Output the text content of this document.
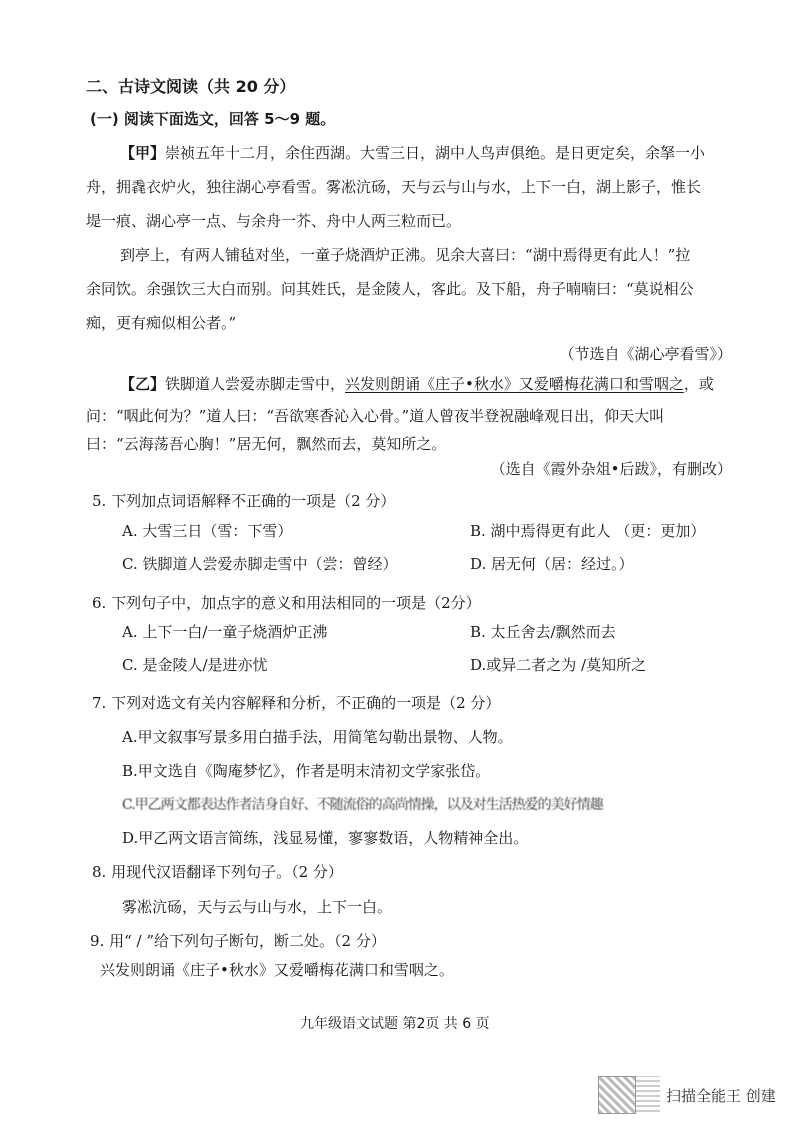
二、古诗文阅读（共 20 分）
(一) 阅读下面选文，回答 5～9 题。
【甲】崇祯五年十二月，余住西湖。大雪三日，湖中人鸟声俱绝。是日更定矣，余拏一小
舟，拥毳衣炉火，独往湖心亭看雪。雾凇沆砀，天与云与山与水，上下一白，湖上影子，惟长
堤一痕、湖心亭一点、与余舟一芥、舟中人两三粒而已。
到亭上，有两人铺毡对坐，一童子烧酒炉正沸。见余大喜曰：“湖中焉得更有此人！”拉
余同饮。余强饮三大白而别。问其姓氏，是金陵人，客此。及下船，舟子喃喃曰：“莫说相公
痴，更有痴似相公者。”
（节选自《湖心亭看雪》）
【乙】铁脚道人尝爱赤脚走雪中，兴发则朗诵《庄子•秋水》又爱嚼梅花满口和雪咽之，或
问：“咽此何为？”道人曰：“吾欲寒香沁入心骨。”道人曾夜半登祝融峰观日出，仰天大叫
曰：“云海荡吾心胸！”居无何，飘然而去，莫知所之。
（选自《霞外杂俎•后跋》，有删改）
5. 下列加点词语解释不正确的一项是（2 分）
A. 大雪三日（雪：下雪）	B. 湖中焉得更有此人 （更：更加）
C. 铁脚道人尝爱赤脚走雪中（尝：曾经）	D. 居无何（居：经过。）
6. 下列句子中，加点字的意义和用法相同的一项是（2分）
A. 上下一白/一童子烧酒炉正沸	B. 太丘舍去/飘然而去
C. 是金陵人/是进亦忧	D.或异二者之为 /莫知所之
7. 下列对选文有关内容解释和分析，不正确的一项是（2 分）
A.甲文叙事写景多用白描手法，用简笔勾勒出景物、人物。
B.甲文选自《陶庵梦忆》，作者是明末清初文学家张岱。
C.甲乙两文都表达作者洁身自好、不随流俗的高尚情操，以及对生活热爱的美好情趣
D.甲乙两文语言简练，浅显易懂，寥寥数语，人物精神全出。
8. 用现代汉语翻译下列句子。（2 分）
雾凇沆砀，天与云与山与水，上下一白。
9. 用“ / ”给下列句子断句，断二处。（2 分）
兴发则朗诵《庄子•秋水》又爱嚼梅花满口和雪咽之。
九年级语文试题 第2页 共 6 页
扫描全能王 创建
